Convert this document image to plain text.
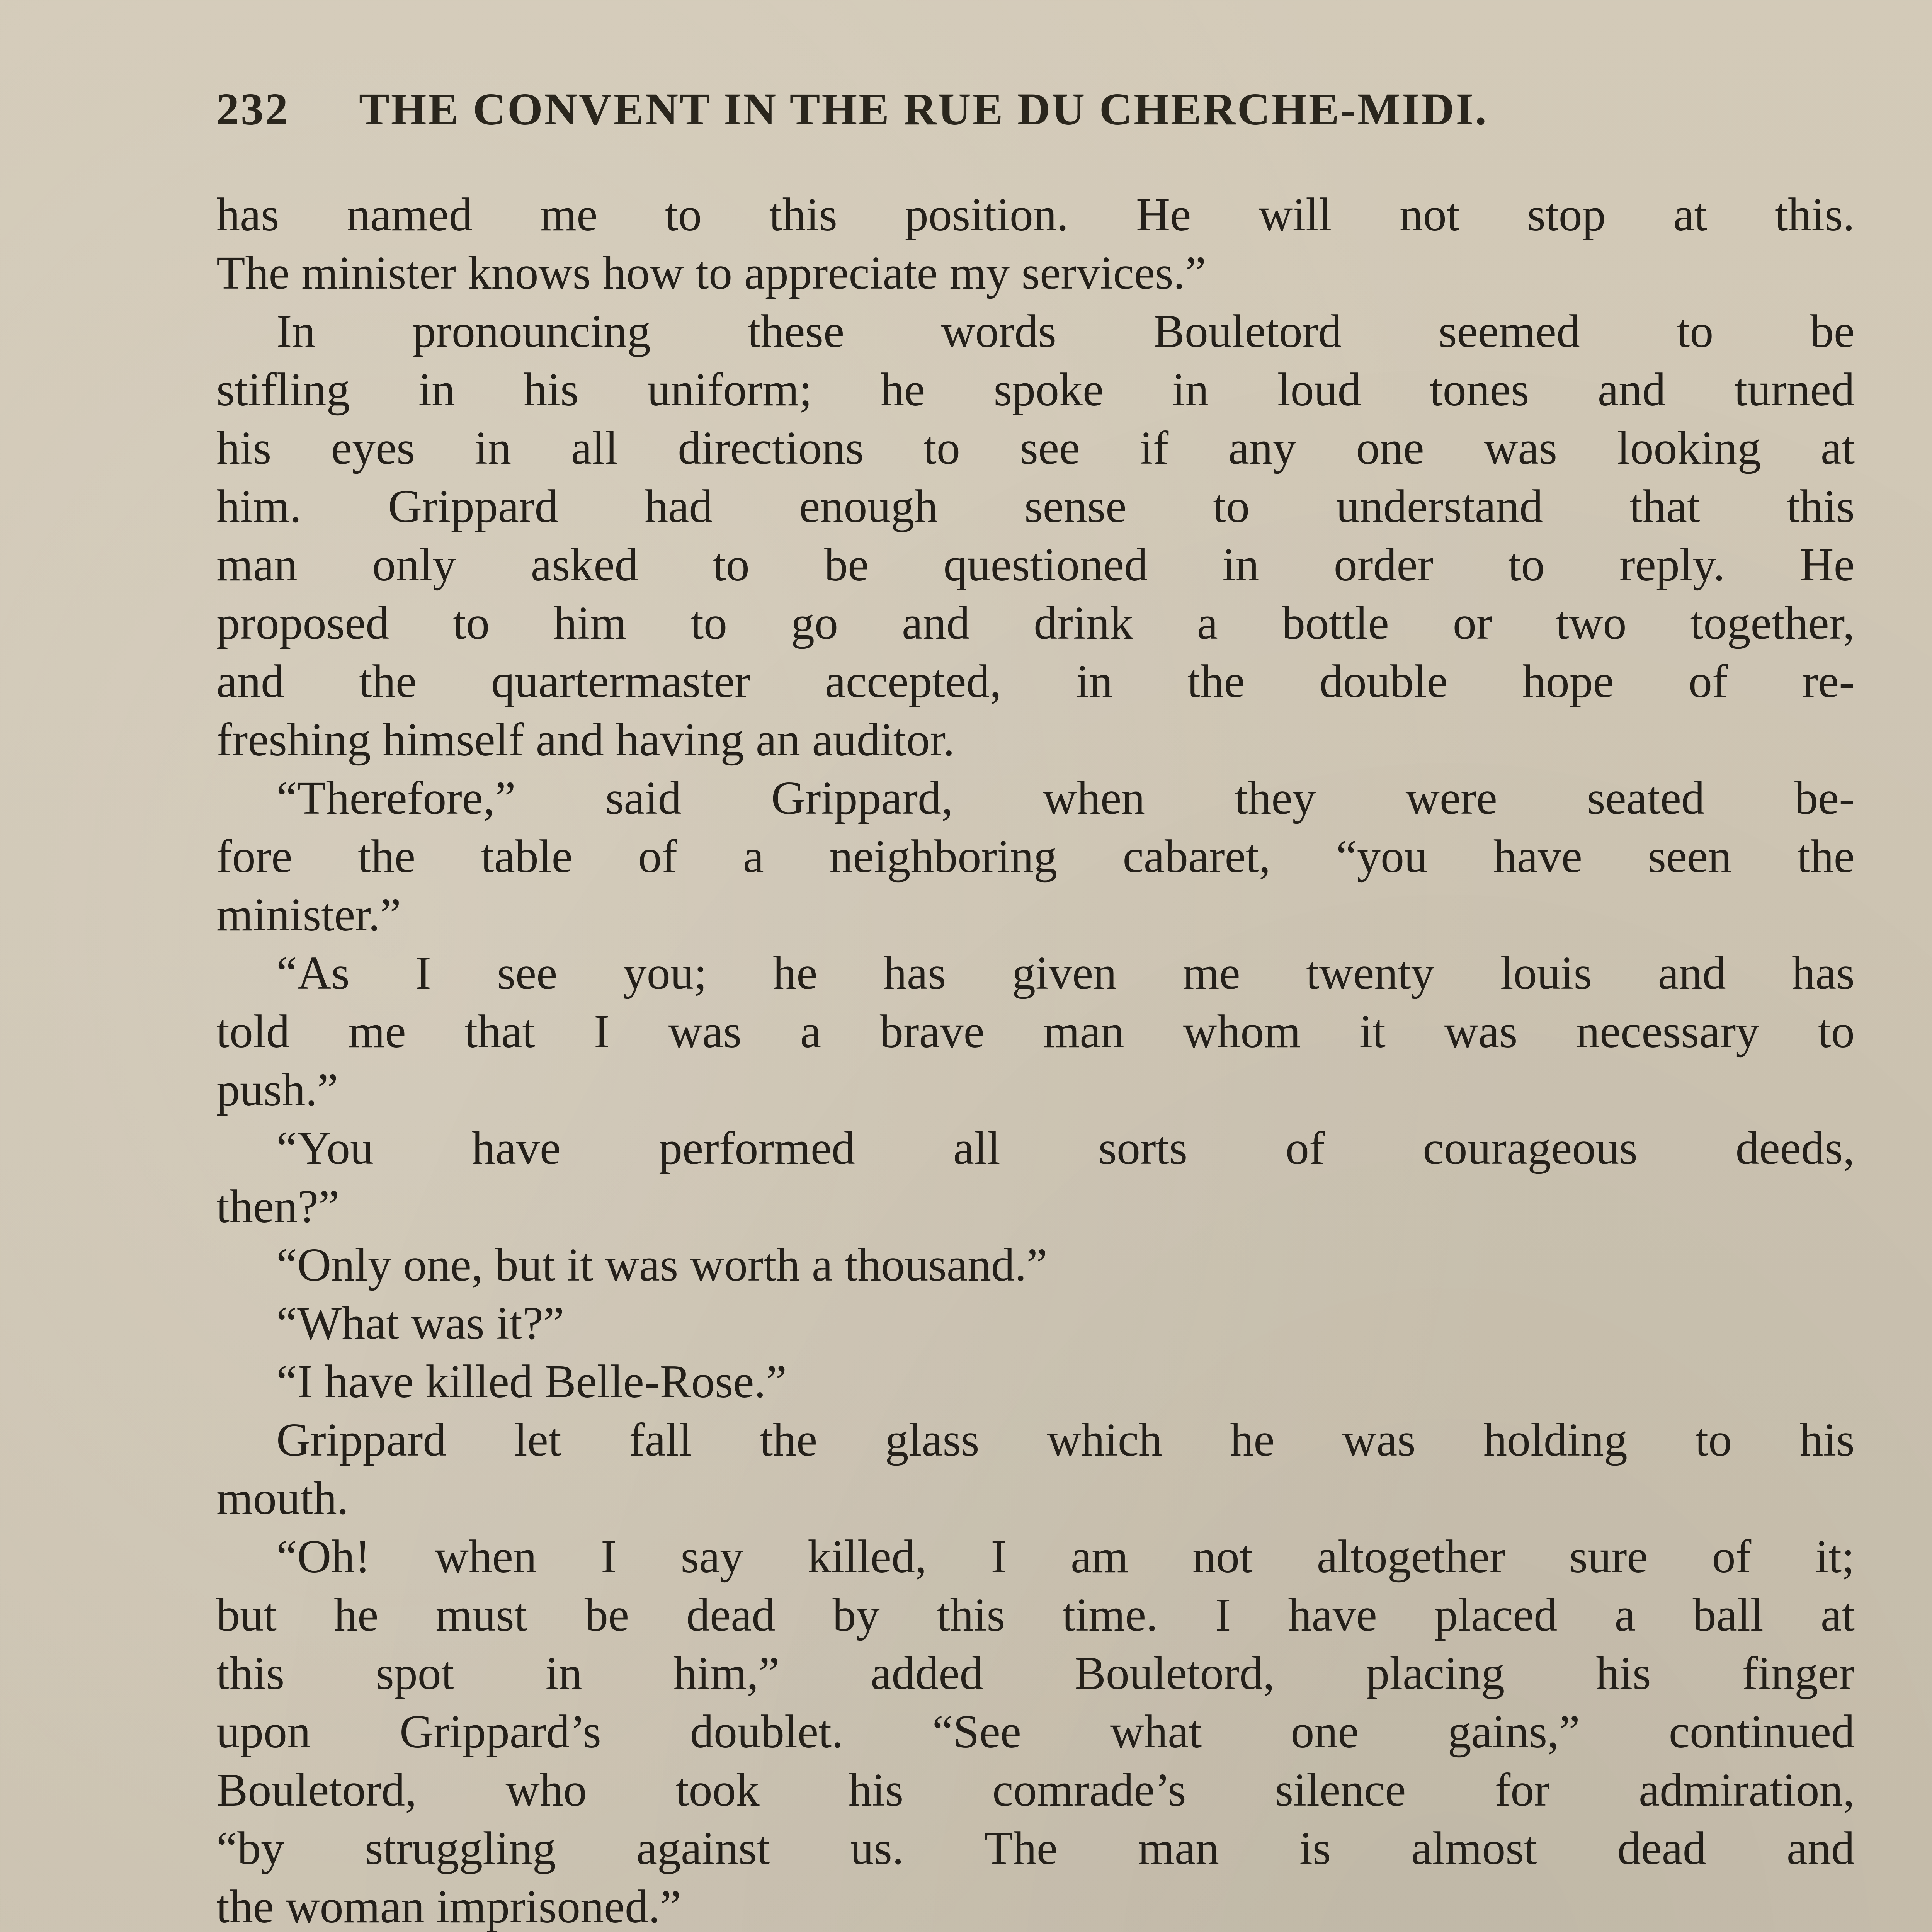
232 THE CONVENT IN THE RUE DU CHERCHE-MIDI.
has named me to this position. He will not stop at this.
The minister knows how to appreciate my services.”
In pronouncing these words Bouletord seemed to be
stifling in his uniform; he spoke in loud tones and turned
his eyes in all directions to see if any one was looking at
him. Grippard had enough sense to understand that this
man only asked to be questioned in order to reply. He
proposed to him to go and drink a bottle or two together,
and the quartermaster accepted, in the double hope of re-
freshing himself and having an auditor.
“Therefore,” said Grippard, when they were seated be-
fore the table of a neighboring cabaret, “you have seen the
minister.”
“As I see you; he has given me twenty louis and has
told me that I was a brave man whom it was necessary to
push.”
“You have performed all sorts of courageous deeds,
then?”
“Only one, but it was worth a thousand.”
“What was it?”
“I have killed Belle-Rose.”
Grippard let fall the glass which he was holding to his
mouth.
“Oh! when I say killed, I am not altogether sure of it;
but he must be dead by this time. I have placed a ball at
this spot in him,” added Bouletord, placing his finger
upon Grippard’s doublet. “See what one gains,” continued
Bouletord, who took his comrade’s silence for admiration,
“by struggling against us. The man is almost dead and
the woman imprisoned.”
